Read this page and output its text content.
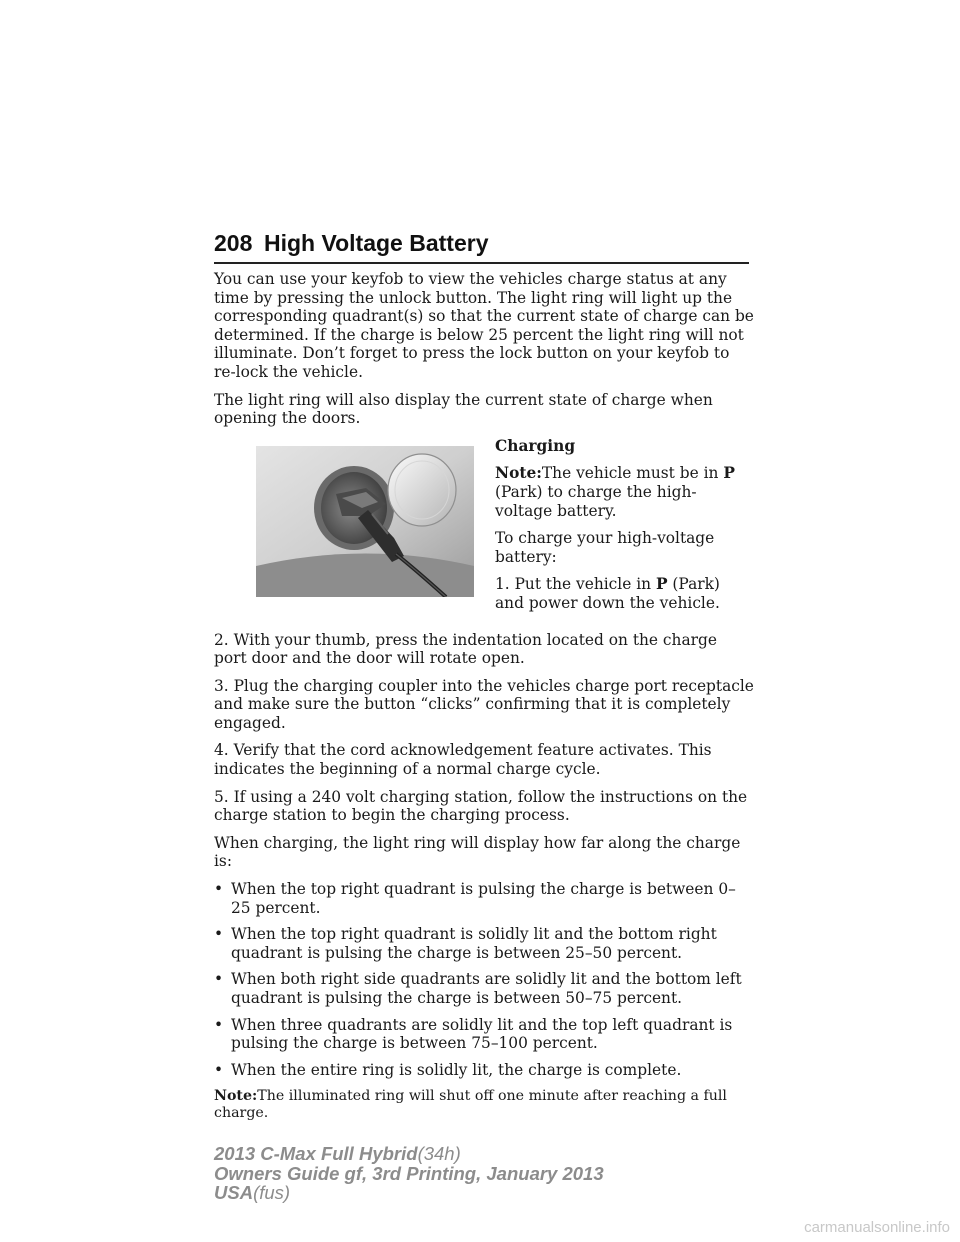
208 High Voltage Battery

You can use your keyfob to view the vehicles charge status at any time by pressing the unlock button. The light ring will light up the corresponding quadrant(s) so that the current state of charge can be determined. If the charge is below 25 percent the light ring will not illuminate. Don’t forget to press the lock button on your keyfob to re-lock the vehicle.

The light ring will also display the current state of charge when opening the doors.

Charging

Note:The vehicle must be in P (Park) to charge the high-voltage battery.

To charge your high-voltage battery:

1. Put the vehicle in P (Park) and power down the vehicle.

2. With your thumb, press the indentation located on the charge port door and the door will rotate open.

3. Plug the charging coupler into the vehicles charge port receptacle and make sure the button “clicks” confirming that it is completely engaged.

4. Verify that the cord acknowledgement feature activates. This indicates the beginning of a normal charge cycle.

5. If using a 240 volt charging station, follow the instructions on the charge station to begin the charging process.

When charging, the light ring will display how far along the charge is:

• When the top right quadrant is pulsing the charge is between 0–25 percent.
• When the top right quadrant is solidly lit and the bottom right quadrant is pulsing the charge is between 25–50 percent.
• When both right side quadrants are solidly lit and the bottom left quadrant is pulsing the charge is between 50–75 percent.
• When three quadrants are solidly lit and the top left quadrant is pulsing the charge is between 75–100 percent.
• When the entire ring is solidly lit, the charge is complete.

Note:The illuminated ring will shut off one minute after reaching a full charge.

2013 C-Max Full Hybrid(34h)
Owners Guide gf, 3rd Printing, January 2013
USA(fus)
carmanualsonline.info
